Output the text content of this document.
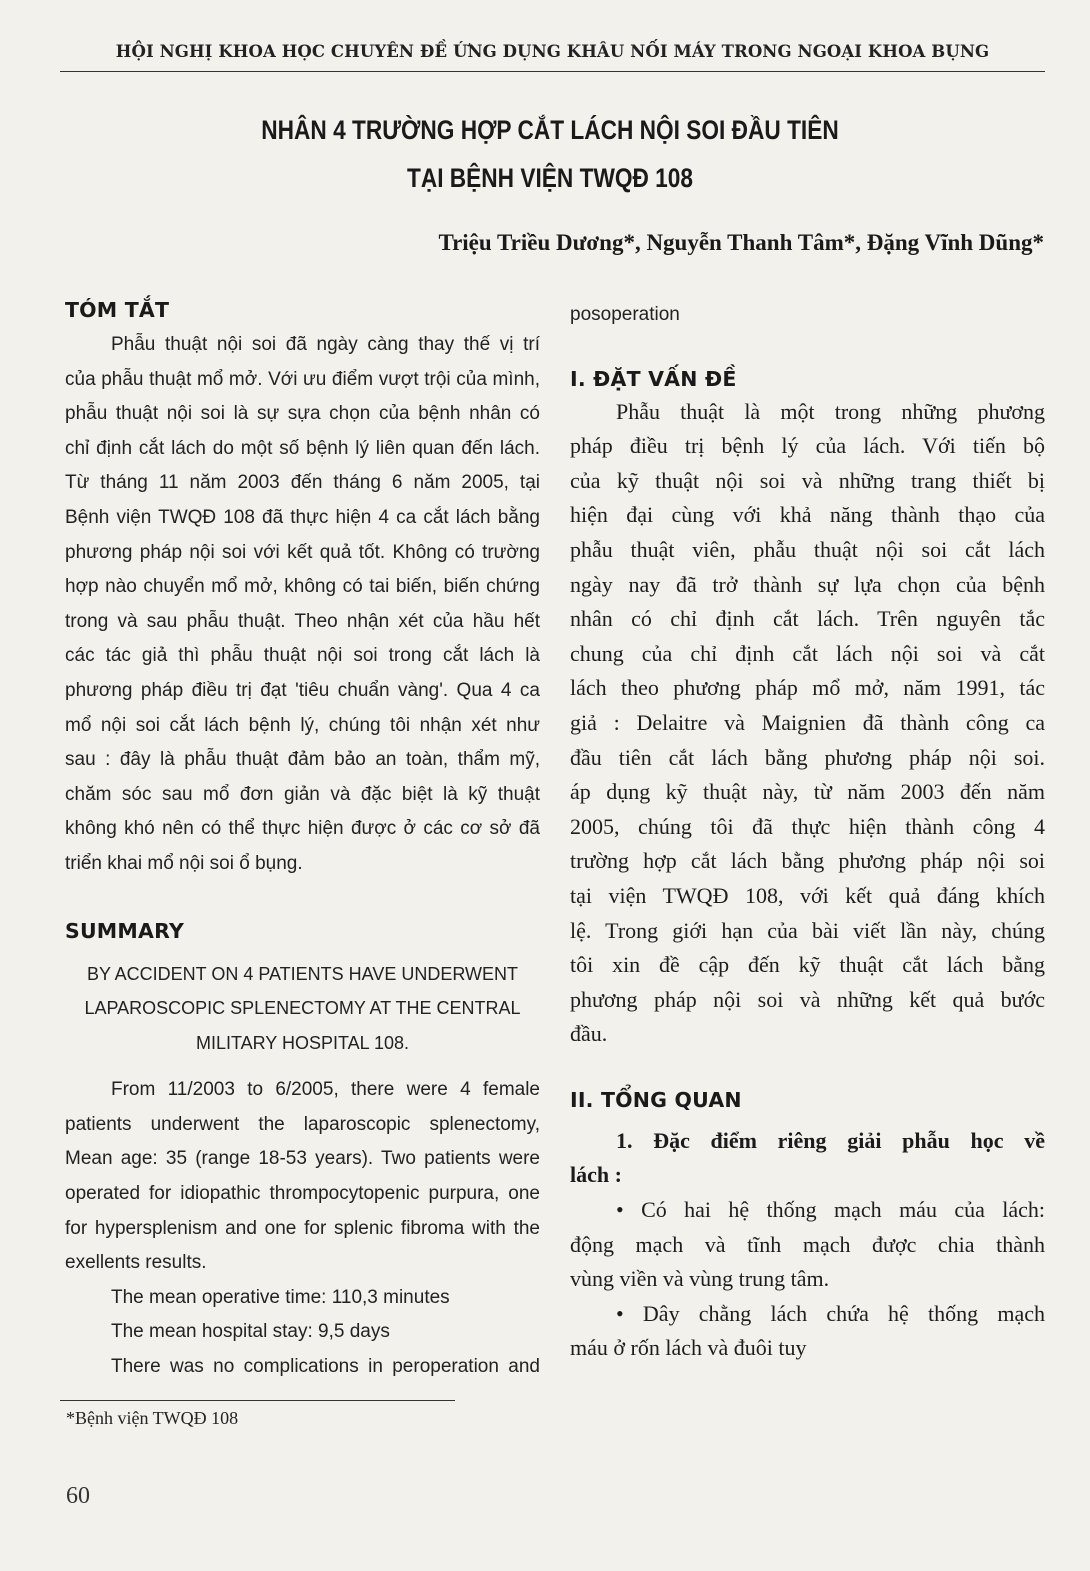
HỘI NGHỊ KHOA HỌC CHUYÊN ĐỀ ỨNG DỤNG KHÂU NỐI MÁY TRONG NGOẠI KHOA BỤNG
NHÂN 4 TRƯỜNG HỢP CẮT LÁCH NỘI SOI ĐẦU TIÊN
TẠI BỆNH VIỆN TWQĐ 108
Triệu Triều Dương*, Nguyễn Thanh Tâm*, Đặng Vĩnh Dũng*
TÓM TẮT
Phẫu thuật nội soi đã ngày càng thay thế vị trí
của phẫu thuật mổ mở. Với ưu điểm vượt trội của mình,
phẫu thuật nội soi là sự sựa chọn của bệnh nhân có
chỉ định cắt lách do một số bệnh lý liên quan đến lách.
Từ tháng 11 năm 2003 đến tháng 6 năm 2005, tại
Bệnh viện TWQĐ 108 đã thực hiện 4 ca cắt lách bằng
phương pháp nội soi với kết quả tốt. Không có trường
hợp nào chuyển mổ mở, không có tai biến, biến chứng
trong và sau phẫu thuật. Theo nhận xét của hầu hết
các tác giả thì phẫu thuật nội soi trong cắt lách là
phương pháp điều trị đạt 'tiêu chuẩn vàng'. Qua 4 ca
mổ nội soi cắt lách bệnh lý, chúng tôi nhận xét như
sau : đây là phẫu thuật đảm bảo an toàn, thẩm mỹ,
chăm sóc sau mổ đơn giản và đặc biệt là kỹ thuật
không khó nên có thể thực hiện được ở các cơ sở đã
triển khai mổ nội soi ổ bụng.
SUMMARY
BY ACCIDENT ON 4 PATIENTS HAVE UNDERWENT
LAPAROSCOPIC SPLENECTOMY AT THE CENTRAL
MILITARY HOSPITAL 108.
From 11/2003 to 6/2005, there were 4 female
patients underwent the laparoscopic splenectomy,
Mean age: 35 (range 18-53 years). Two patients were
operated for idiopathic thrompocytopenic purpura, one
for hypersplenism and one for splenic fibroma with the
exellents results.
The mean operative time: 110,3 minutes
The mean hospital stay: 9,5 days
There was no complications in peroperation and
posoperation
I. ĐẶT VẤN ĐỀ
Phẫu thuật là một trong những phương
pháp điều trị bệnh lý của lách. Với tiến bộ
của kỹ thuật nội soi và những trang thiết bị
hiện đại cùng với khả năng thành thạo của
phẫu thuật viên, phẫu thuật nội soi cắt lách
ngày nay đã trở thành sự lựa chọn của bệnh
nhân có chỉ định cắt lách. Trên nguyên tắc
chung của chỉ định cắt lách nội soi và cắt
lách theo phương pháp mổ mở, năm 1991, tác
giả : Delaitre và Maignien đã thành công ca
đầu tiên cắt lách bằng phương pháp nội soi.
áp dụng kỹ thuật này, từ năm 2003 đến năm
2005, chúng tôi đã thực hiện thành công 4
trường hợp cắt lách bằng phương pháp nội soi
tại viện TWQĐ 108, với kết quả đáng khích
lệ. Trong giới hạn của bài viết lần này, chúng
tôi xin đề cập đến kỹ thuật cắt lách bằng
phương pháp nội soi và những kết quả bước
đầu.
II. TỔNG QUAN
1. Đặc điểm riêng giải phẫu học về
lách :
• Có hai hệ thống mạch máu của lách:
động mạch và tĩnh mạch được chia thành
vùng viền và vùng trung tâm.
• Dây chằng lách chứa hệ thống mạch
máu ở rốn lách và đuôi tuy
*Bệnh viện TWQĐ 108
60
